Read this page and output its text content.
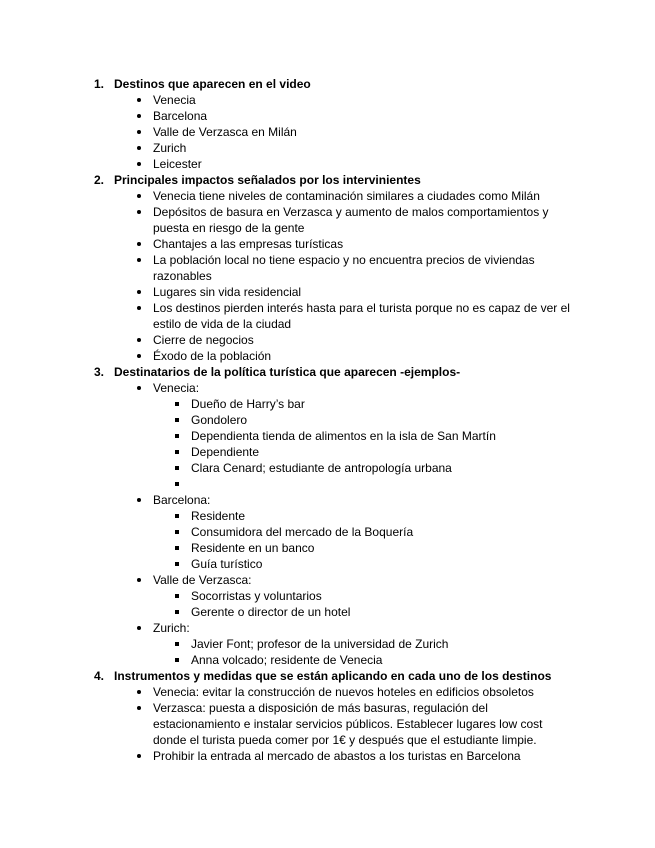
1. Destinos que aparecen en el video
Venecia
Barcelona
Valle de Verzasca en Milán
Zurich
Leicester
2. Principales impactos señalados por los intervinientes
Venecia tiene niveles de contaminación similares a ciudades como Milán
Depósitos de basura en Verzasca y aumento de malos comportamientos y puesta en riesgo de la gente
Chantajes a las empresas turísticas
La población local no tiene espacio y no encuentra precios de viviendas razonables
Lugares sin vida residencial
Los destinos pierden interés hasta para el turista porque no es capaz de ver el estilo de vida de la ciudad
Cierre de negocios
Éxodo de la población
3. Destinatarios de la política turística que aparecen -ejemplos-
Venecia:
Dueño de Harry’s bar
Gondolero
Dependienta tienda de alimentos en la isla de San Martín
Dependiente
Clara Cenard; estudiante de antropología urbana
Barcelona:
Residente
Consumidora del mercado de la Boquería
Residente en un banco
Guía turístico
Valle de Verzasca:
Socorristas y voluntarios
Gerente o director de un hotel
Zurich:
Javier Font; profesor de la universidad de Zurich
Anna volcado; residente de Venecia
4. Instrumentos y medidas que se están aplicando en cada uno de los destinos
Venecia: evitar la construcción de nuevos hoteles en edificios obsoletos
Verzasca: puesta a disposición de más basuras, regulación del estacionamiento e instalar servicios públicos. Establecer lugares low cost donde el turista pueda comer por 1€ y después que el estudiante limpie.
Prohibir la entrada al mercado de abastos a los turistas en Barcelona
